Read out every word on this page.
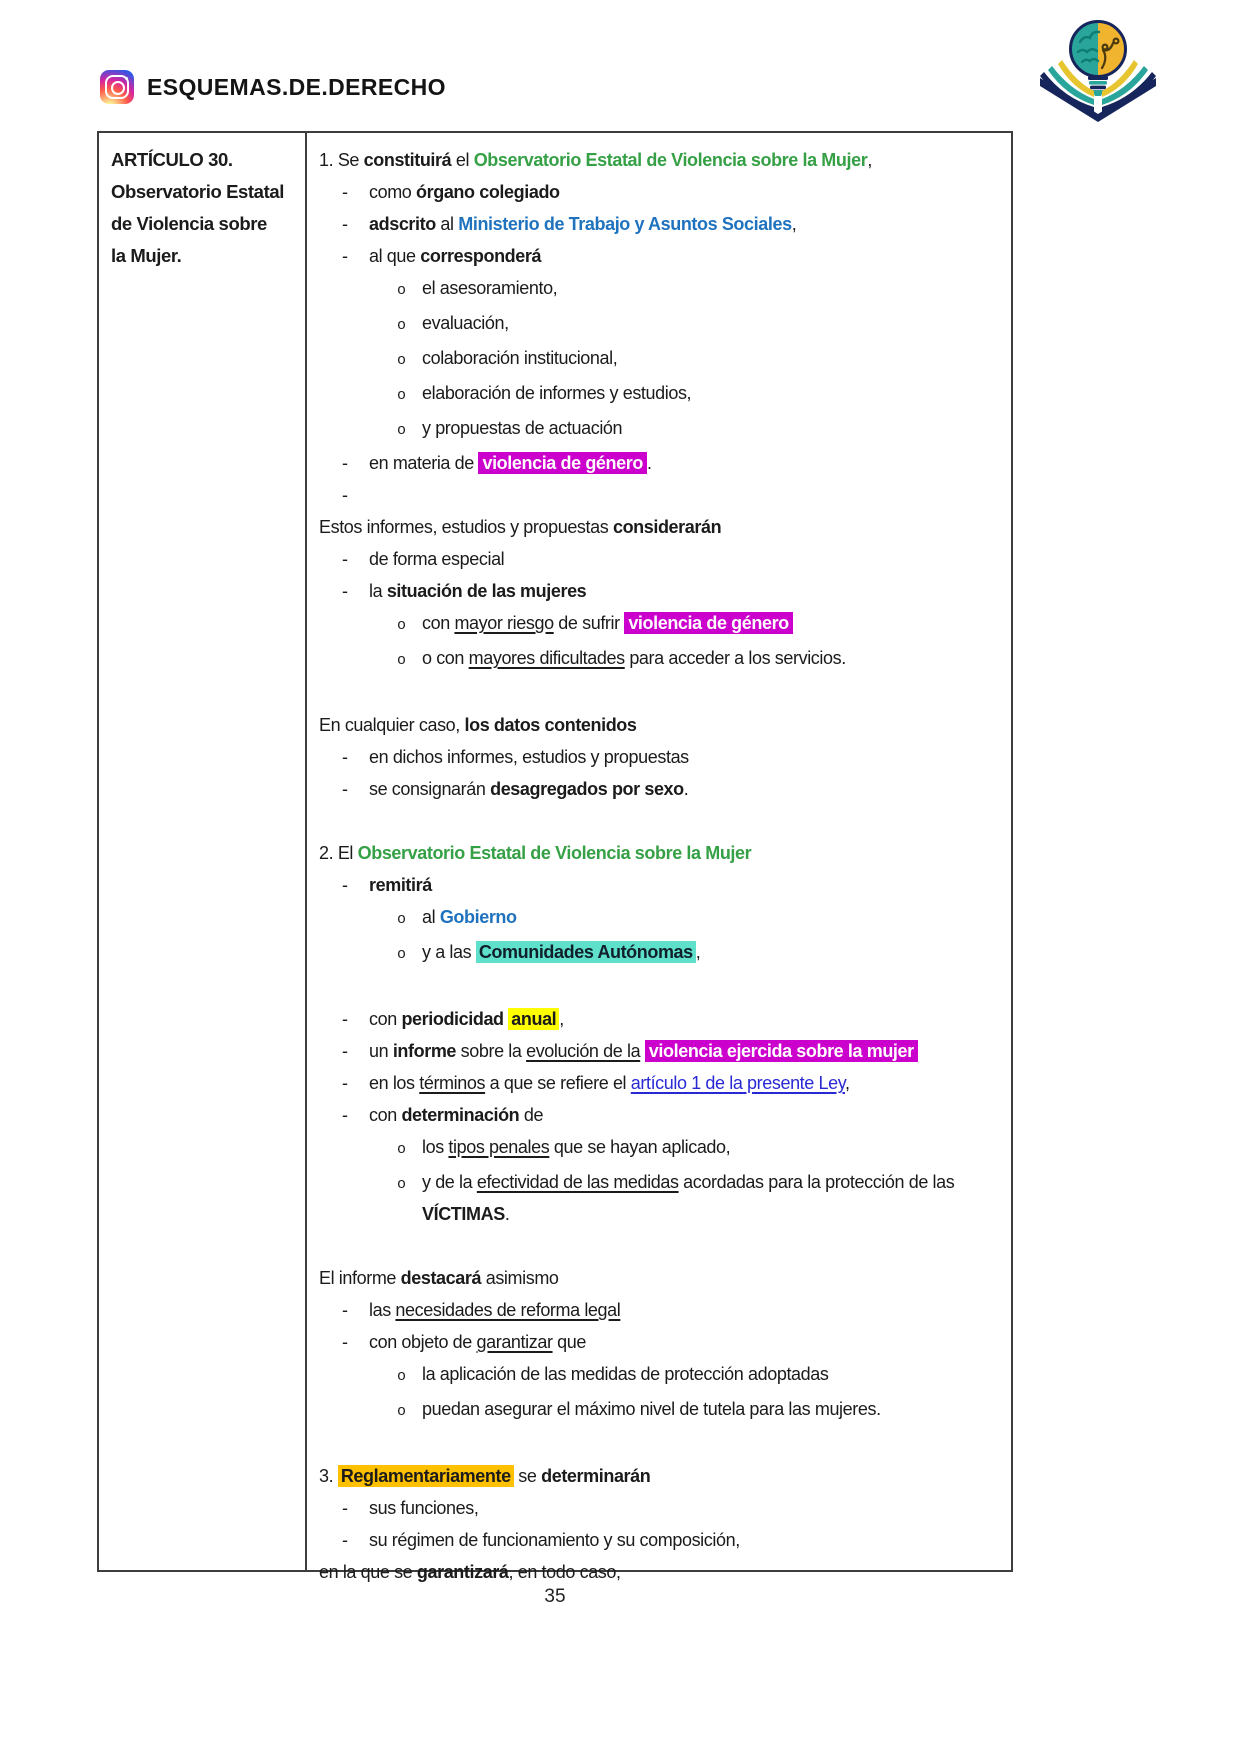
ESQUEMAS.DE.DERECHO
ARTÍCULO 30. Observatorio Estatal de Violencia sobre la Mujer.
1. Se constituirá el Observatorio Estatal de Violencia sobre la Mujer,
-	como órgano colegiado
-	adscrito al Ministerio de Trabajo y Asuntos Sociales,
-	al que corresponderá
o el asesoramiento,
o evaluación,
o colaboración institucional,
o elaboración de informes y estudios,
o y propuestas de actuación
-	en materia de violencia de género .
-
Estos informes, estudios y propuestas considerarán
-	de forma especial
-	la situación de las mujeres
o con mayor riesgo de sufrir violencia de género
o o con mayores dificultades para acceder a los servicios.
En cualquier caso, los datos contenidos
-	en dichos informes, estudios y propuestas
-	se consignarán desagregados por sexo.
2. El Observatorio Estatal de Violencia sobre la Mujer
-	remitirá
o al Gobierno
o y a las Comunidades Autónomas ,
-	con periodicidad anual ,
-	un informe sobre la evolución de la violencia ejercida sobre la mujer
-	en los términos a que se refiere el artículo 1 de la presente Ley,
-	con determinación de
o los tipos penales que se hayan aplicado,
o y de la efectividad de las medidas acordadas para la protección de las VÍCTIMAS.
El informe destacará asimismo
-	las necesidades de reforma legal
-	con objeto de garantizar que
o la aplicación de las medidas de protección adoptadas
o puedan asegurar el máximo nivel de tutela para las mujeres.
3. Reglamentariamente se determinarán
-	sus funciones,
-	su régimen de funcionamiento y su composición,
en la que se garantizará, en todo caso,
35
